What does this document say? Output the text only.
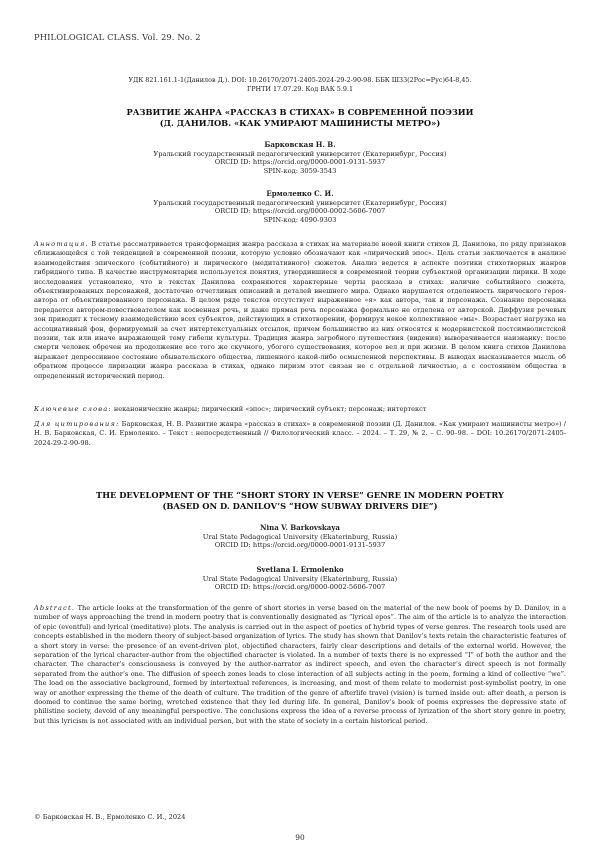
PHILOLOGICAL CLASS. Vol. 29. No. 2
УДК 821.161.1-1(Данилов Д.). DOI: 10.26170/2071-2405-2024-29-2-90-98. ББК Ш33(2Рос=Рус)64-8,45.
ГРНТИ 17.07.29. Код ВАК 5.9.1
РАЗВИТИЕ ЖАНРА «РАССКАЗ В СТИХАХ» В СОВРЕМЕННОЙ ПОЭЗИИ
(Д. ДАНИЛОВ. «КАК УМИРАЮТ МАШИНИСТЫ МЕТРО»)
Барковская Н. В.
Уральский государственный педагогический университет (Екатеринбург, Россия)
ORCID ID: https://orcid.org/0000-0001-9131-5937
SPIN-код: 3059-3543
Ермоленко С. И.
Уральский государственный педагогический университет (Екатеринбург, Россия)
ORCID ID: https://orcid.org/0000-0002-5606-7007
SPIN-код: 4090-9303

Аннотация. В статье рассматривается трансформация жанра рассказа в стихах на материале новой книги стихов Д. Данилова, по ряду признаков сближающейся с той тенденцией в современной поэзии, которую условно обозначают как «лирический эпос». Цель статьи заключается в анализе взаимодействия эпического (событийного) и лирического (медитативного) сюжетов. Анализ ведется в аспекте поэтики стихотворных жанров гибридного типа. В качестве инструментария используется понятия, утвердившиеся в современной теории субъектной организации лирики. В ходе исследования установлено, что в текстах Данилова сохраняются характерные черты рассказа в стихах: наличие событийного сюжета, объективированных персонажей, достаточно отчетливых описаний и деталей внешнего мира. Однако нарушается отделенность лирического героя-автора от объективированного персонажа. В целом ряде текстов отсутствует выраженное «я» как автора, так и персонажа. Сознание персонажа передается автором-повествователем как косвенная речь, и даже прямая речь персонажа формально не отделена от авторской. Диффузия речевых зон приводит к тесному взаимодействию всех субъектов, действующих в стихотворении, формируя некое коллективное «мы». Возрастает нагрузка на ассоциативный фон, формируемый за счет интертекстуальных отсылок, причем большинство из них относятся к модернистской постсимволистской поэзии, так или иначе выражающей тему гибели культуры. Традиция жанра загробного путешествия (видения) выворачивается наизнанку: после смерти человек обречен на продолжение все того же скучного, убогого существования, которое вел и при жизни. В целом книга стихов Данилова выражает депрессивное состояние обывательского общества, лишенного какой-либо осмысленной перспективы. В выводах высказывается мысль об обратном процессе лиризации жанра рассказа в стихах, однако лиризм этот связан не с отдельной личностью, а с состоянием общества в определенный исторический период.

Ключевые слова: неканонические жанры; лирический «эпос»; лирический субъект; персонаж; интертекст

Для цитирования: Барковская, Н. В. Развитие жанра «рассказ в стихах» в современной поэзии (Д. Данилов. «Как умирают машинисты метро») / Н. В. Барковская, С. И. Ермоленко. – Текст : непосредственный // Филологический класс. – 2024. – Т. 29, № 2. – С. 90–98. – DOI: 10.26170/2071-2405-2024-29-2-90-98.

THE DEVELOPMENT OF THE “SHORT STORY IN VERSE” GENRE IN MODERN POETRY
(BASED ON D. DANILOV’S “HOW SUBWAY DRIVERS DIE”)
Nina V. Barkovskaya
Ural State Pedagogical University (Ekaterinburg, Russia)
ORCID ID: https://orcid.org/0000-0001-9131-5937
Svetlana I. Ermolenko
Ural State Pedagogical University (Ekaterinburg, Russia)
ORCID ID: https://orcid.org/0000-0002-5606-7007

Abstract. The article looks at the transformation of the genre of short stories in verse based on the material of the new book of poems by D. Danilov, in a number of ways approaching the trend in modern poetry that is conventionally designated as “lyrical epos”. The aim of the article is to analyze the interaction of epic (eventful) and lyrical (meditative) plots. The analysis is carried out in the aspect of poetics of hybrid types of verse genres. The research tools used are concepts established in the modern theory of subject-based organization of lyrics. The study has shown that Danilov’s texts retain the characteristic features of a short story in verse: the presence of an event-driven plot, objectified characters, fairly clear descriptions and details of the external world. However, the separation of the lyrical character-author from the objectified character is violated. In a number of texts there is no expressed “I” of both the author and the character. The character’s consciousness is conveyed by the author-narrator as indirect speech, and even the character’s direct speech is not formally separated from the author’s one. The diffusion of speech zones leads to close interaction of all subjects acting in the poem, forming a kind of collective “we”. The load on the associative background, formed by intertextual references, is increasing, and most of them relate to modernist post-symbolist poetry, in one way or another expressing the theme of the death of culture. The tradition of the genre of afterlife travel (vision) is turned inside out: after death, a person is doomed to continue the same boring, wretched existence that they led during life. In general, Danilov’s book of poems expresses the depressive state of philistine society, devoid of any meaningful perspective. The conclusions express the idea of a reverse process of lyrization of the short story genre in poetry, but this lyricism is not associated with an individual person, but with the state of society in a certain historical period.

© Барковская Н. В., Ермоленко С. И., 2024
90
